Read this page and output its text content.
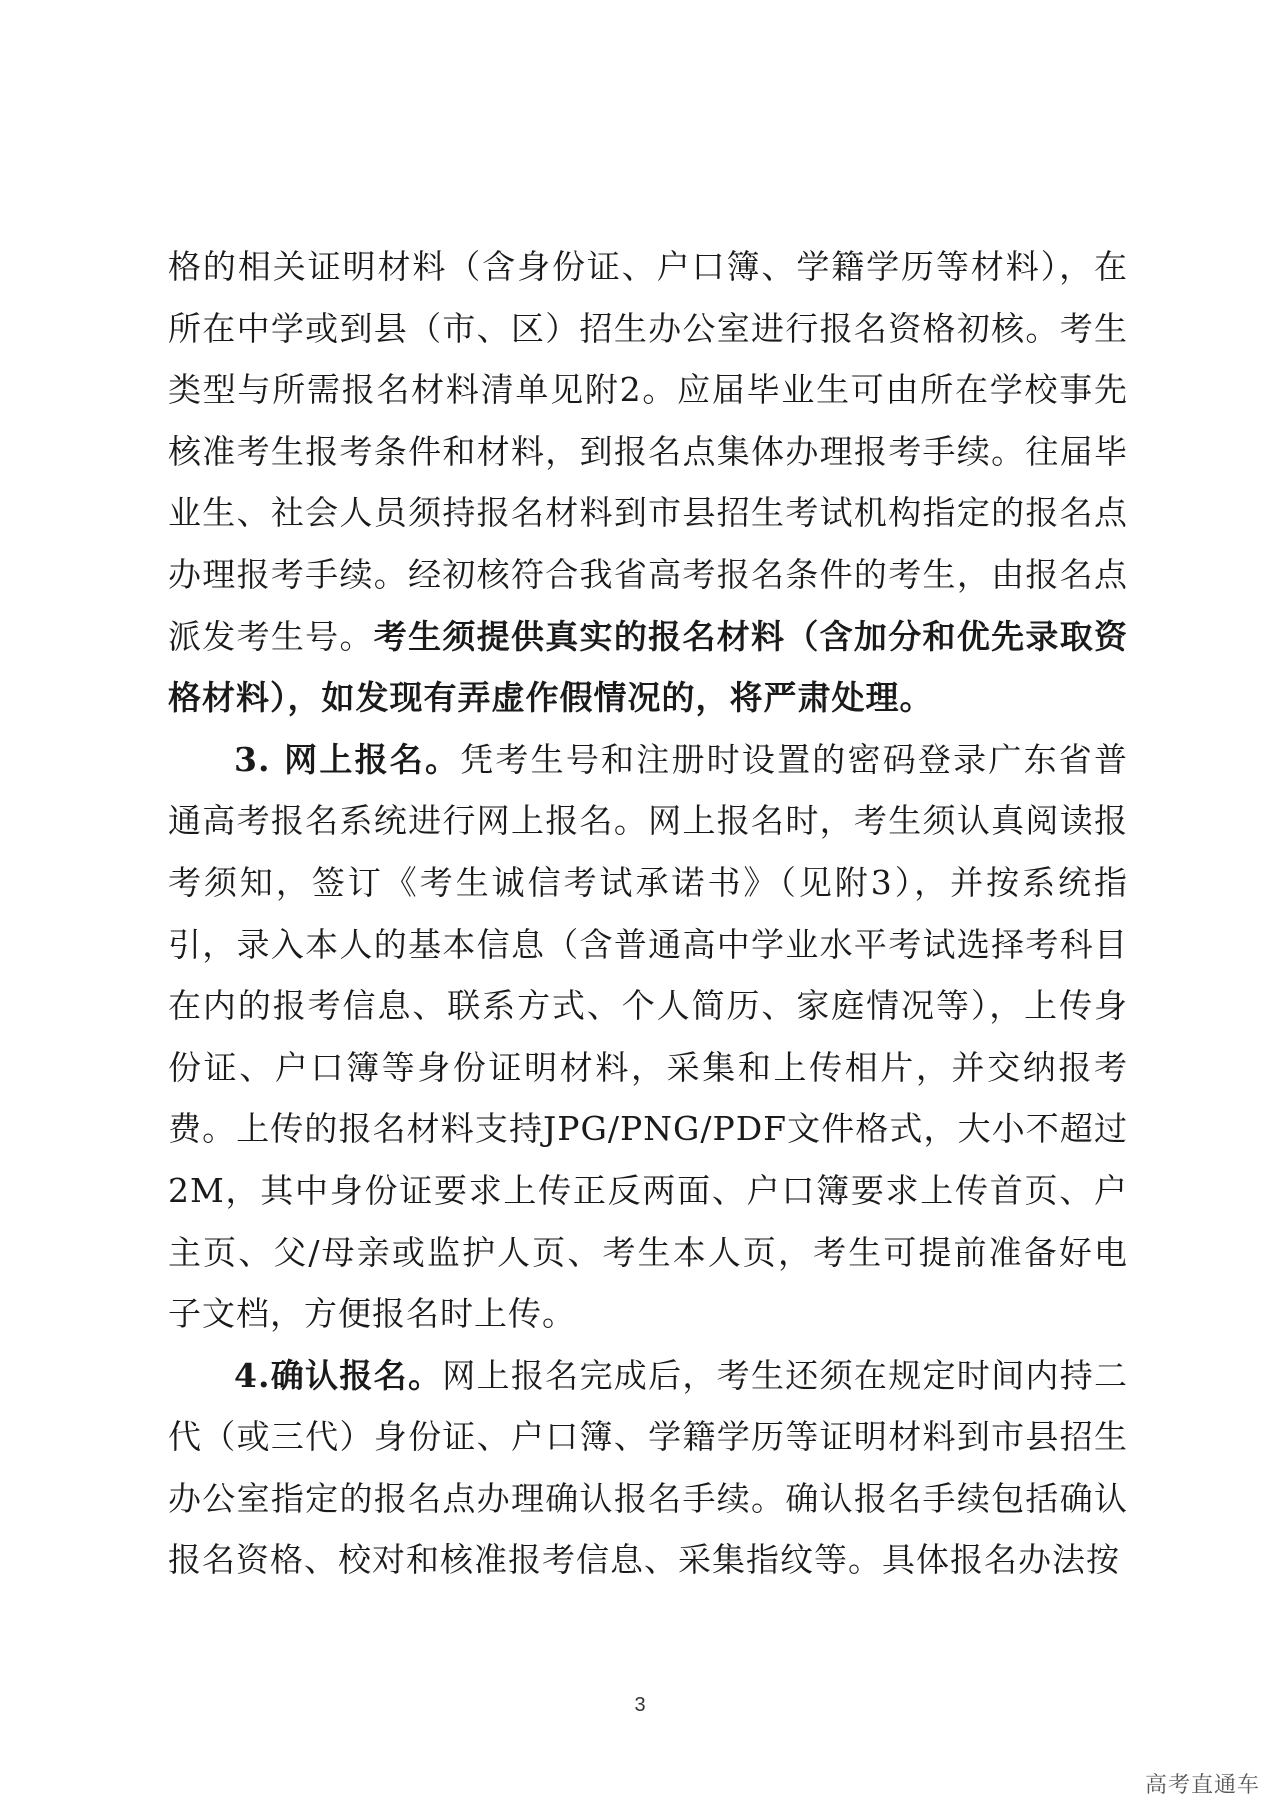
格的相关证明材料（含身份证、户口簿、学籍学历等材料），在所在中学或到县（市、区）招生办公室进行报名资格初核。考生类型与所需报名材料清单见附2。应届毕业生可由所在学校事先核准考生报考条件和材料，到报名点集体办理报考手续。往届毕业生、社会人员须持报名材料到市县招生考试机构指定的报名点办理报考手续。经初核符合我省高考报名条件的考生，由报名点派发考生号。考生须提供真实的报名材料（含加分和优先录取资格材料），如发现有弄虚作假情况的，将严肃处理。

3. 网上报名。凭考生号和注册时设置的密码登录广东省普通高考报名系统进行网上报名。网上报名时，考生须认真阅读报考须知，签订《考生诚信考试承诺书》（见附3），并按系统指引，录入本人的基本信息（含普通高中学业水平考试选择考科目在内的报考信息、联系方式、个人简历、家庭情况等），上传身份证、户口簿等身份证明材料，采集和上传相片，并交纳报考费。上传的报名材料支持JPG/PNG/PDF文件格式，大小不超过2M，其中身份证要求上传正反两面、户口簿要求上传首页、户主页、父/母亲或监护人页、考生本人页，考生可提前准备好电子文档，方便报名时上传。

4.确认报名。网上报名完成后，考生还须在规定时间内持二代（或三代）身份证、户口簿、学籍学历等证明材料到市县招生办公室指定的报名点办理确认报名手续。确认报名手续包括确认报名资格、校对和核准报考信息、采集指纹等。具体报名办法按

3
高考直通车
